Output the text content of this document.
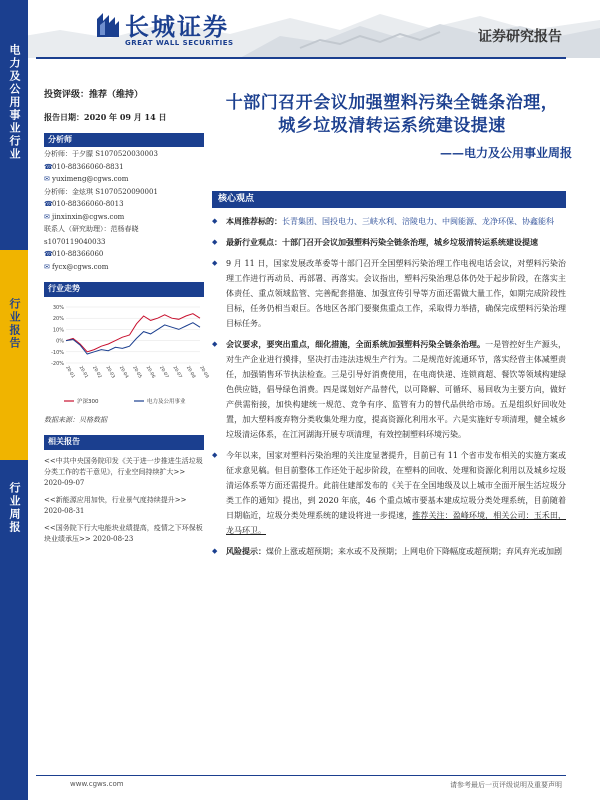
长城证券
GREAT WALL SECURITIES	证券研究报告
电力及公用事业行业
行业报告
行业周报
投资评级：推荐（维持）
报告日期：2020 年 09 月 14 日
分析师
分析师：于夕朦 S1070520030003
☎010-88366060-8831
✉ yuximeng@cgws.com
分析师：金炫琪 S1070520090001
☎010-88366060-8013
✉ jinxinxin@cgws.com
联系人（研究助理）：范杨春晓
s1070119040033
☎010-88366060
✉ fycx@cgws.com
行业走势
30%
20%
10%
0%
-10%
-20%
20-01 20-01 20-02 20-03 20-04 20-05 20-06 20-07 20-07 20-08 20-09
沪深300	电力及公用事业
数据来源：贝格数据
相关报告
<<中共中央国务院印发《关于进一步推进生活垃圾分类工作的若干意见》，行业空间持续扩大>> 2020-09-07
<<新能源应用加快，行业景气度持续提升>> 2020-08-31
<<国务院下行大电能块业绩提高，疫情之下环保板块业绩承压>> 2020-08-23
十部门召开会议加强塑料污染全链条治理，
城乡垃圾清转运系统建设提速
——电力及公用事业周报
核心观点
◆ 本周推荐标的：长青集团、国投电力、三峡水利、涪陵电力、中闽能源、龙净环保、协鑫能科
◆ 最新行业观点：十部门召开会议加强塑料污染全链条治理，城乡垃圾清转运系统建设提速
◆ 9 月 11 日，国家发展改革委等十部门召开全国塑料污染治理工作电视电话会议，对塑料污染治理工作进行再动员、再部署、再落实。会议指出，塑料污染治理总体仍处于起步阶段，在落实主体责任、重点领域监管、完善配套措施、加强宣传引导等方面还需做大量工作，如期完成阶段性目标，任务仍相当艰巨。各地区各部门要聚焦重点工作，采取得力举措，确保完成塑料污染治理目标任务。
◆ 会议要求，要突出重点，细化措施，全面系统加强塑料污染全链条治理。一是管控好生产源头，对生产企业进行摸排，坚决打击违法违规生产行为。二是规范好流通环节，落实经营主体减塑责任，加强销售环节执法检查。三是引导好消费使用，在电商快递、连锁商超、餐饮等领域构建绿色供应链，倡导绿色消费。四是谋划好产品替代，以可降解、可循环、易回收为主要方向，做好产供需衔接，加快构建统一规范、竞争有序、监管有力的替代品供给市场。五是组织好回收处置，加大塑料废弃物分类收集处理力度，提高资源化利用水平。六是实施好专项清理，健全城乡垃圾清运体系，在江河湖海开展专项清理，有效控制塑料环境污染。
◆ 今年以来，国家对塑料污染治理的关注度显著提升，目前已有 11 个省市发布相关的实施方案或征求意见稿。但目前整体工作还处于起步阶段，在塑料的回收、处理和资源化利用以及城乡垃圾清运体系等方面还需提升。此前住建部发布的《关于在全国地级及以上城市全面开展生活垃圾分类工作的通知》提出，到 2020 年底，46 个重点城市要基本建成垃圾分类处理系统，目前随着日期临近，垃圾分类处理系统的建设将进一步提速，推荐关注：盈峰环境，相关公司：玉禾田，龙马环卫。
◆ 风险提示：煤价上涨或超预期；来水或不及预期；上网电价下降幅度或超预期；弃风弃光或加剧
www.cgws.com	请参考最后一页评级说明及重要声明
